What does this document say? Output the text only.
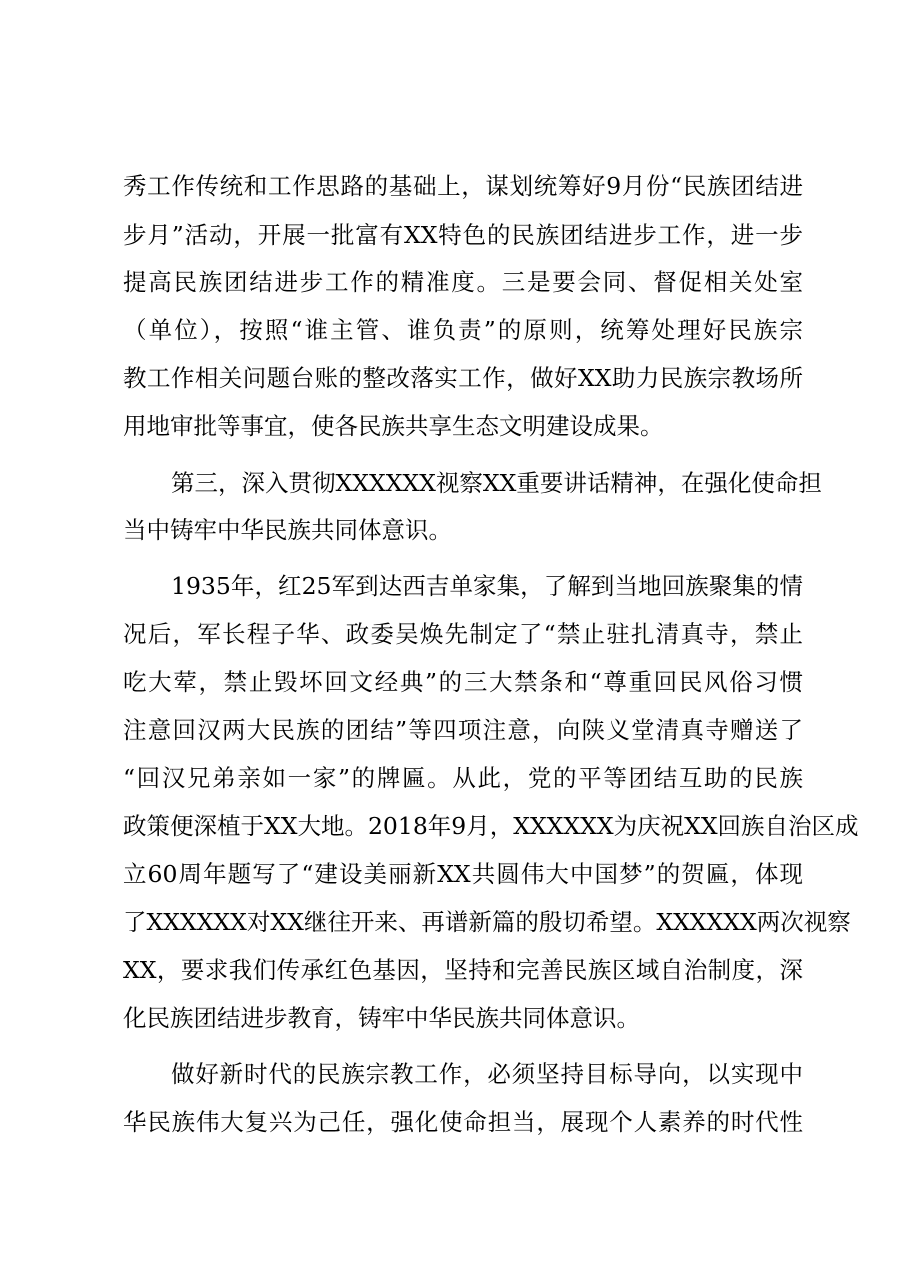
秀工作传统和工作思路的基础上，谋划统筹好9月份“民族团结进
步月”活动，开展一批富有XX特色的民族团结进步工作，进一步
提高民族团结进步工作的精准度。三是要会同、督促相关处室
（单位），按照“谁主管、谁负责”的原则，统筹处理好民族宗
教工作相关问题台账的整改落实工作，做好XX助力民族宗教场所
用地审批等事宜，使各民族共享生态文明建设成果。
第三，深入贯彻XXXXXX视察XX重要讲话精神，在强化使命担
当中铸牢中华民族共同体意识。
1935年，红25军到达西吉单家集，了解到当地回族聚集的情
况后，军长程子华、政委吴焕先制定了“禁止驻扎清真寺，禁止
吃大荤，禁止毁坏回文经典”的三大禁条和“尊重回民风俗习惯
注意回汉两大民族的团结”等四项注意，向陕义堂清真寺赠送了
“回汉兄弟亲如一家”的牌匾。从此，党的平等团结互助的民族
政策便深植于XX大地。2018年9月，XXXXXX为庆祝XX回族自治区成
立60周年题写了“建设美丽新XX共圆伟大中国梦”的贺匾，体现
了XXXXXX对XX继往开来、再谱新篇的殷切希望。XXXXXX两次视察
XX，要求我们传承红色基因，坚持和完善民族区域自治制度，深
化民族团结进步教育，铸牢中华民族共同体意识。
做好新时代的民族宗教工作，必须坚持目标导向，以实现中
华民族伟大复兴为己任，强化使命担当，展现个人素养的时代性
